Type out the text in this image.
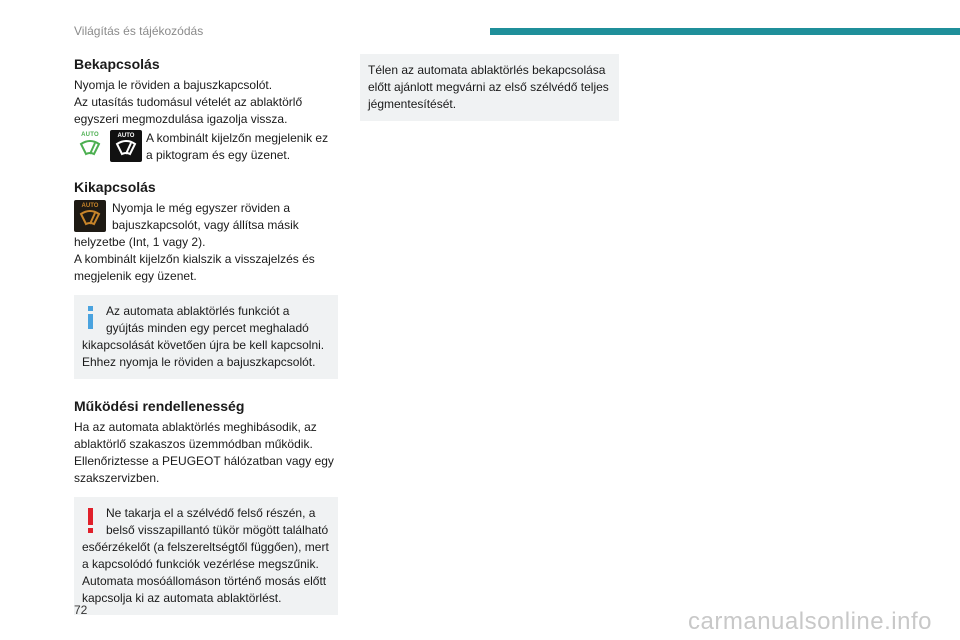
Világítás és tájékozódás
Bekapcsolás

Nyomja le röviden a bajuszkapcsolót.

Az utasítás tudomásul vételét az ablaktörlő egyszeri megmozdulása igazolja vissza.

AUTO	AUTO A kombinált kijelzőn megjelenik ez a piktogram és egy üzenet.
Kikapcsolás
AUTO	Nyomja le még egyszer röviden a bajuszkapcsolót, vagy állítsa másik helyzetbe (Int, 1 vagy 2).

A kombinált kijelzőn kialszik a visszajelzés és megjelenik egy üzenet.

Az automata ablaktörlés funkciót a gyújtás minden egy percet meghaladó kikapcsolását követően újra be kell kapcsolni. Ehhez nyomja le röviden a bajuszkapcsolót.

Működési rendellenesség

Ha az automata ablaktörlés meghibásodik, az ablaktörlő szakaszos üzemmódban működik. Ellenőriztesse a PEUGEOT hálózatban vagy egy szakszervizben.

Ne takarja el a szélvédő felső részén, a belső visszapillantó tükör mögött található esőérzékelőt (a felszereltségtől függően), mert a kapcsolódó funkciók vezérlése megszűnik.

Automata mosóállomáson történő mosás előtt kapcsolja ki az automata ablaktörlést.

Télen az automata ablaktörlés bekapcsolása előtt ajánlott megvárni az első szélvédő teljes jégmentesítését.

72	carmanualsonline.info
